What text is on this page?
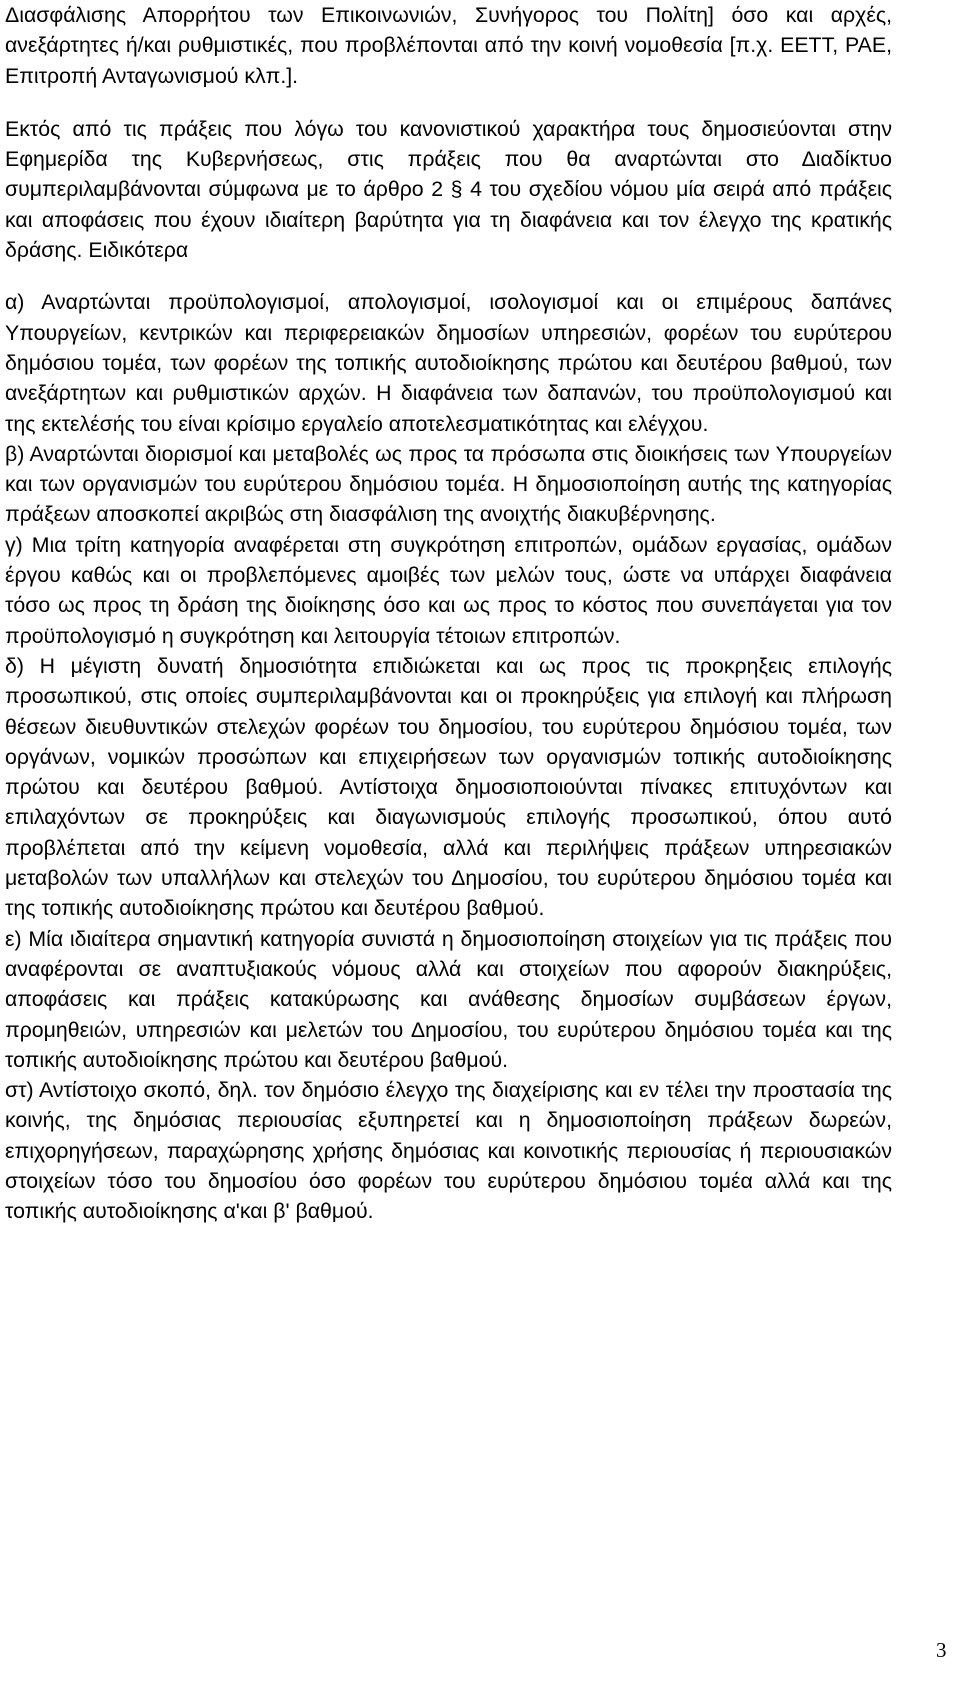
Διασφάλισης Απορρήτου των Επικοινωνιών, Συνήγορος του Πολίτη] όσο και αρχές, ανεξάρτητες ή/και ρυθμιστικές, που προβλέπονται από την κοινή νομοθεσία [π.χ. ΕΕΤΤ, ΡΑΕ, Επιτροπή Ανταγωνισμού κλπ.].

Εκτός από τις πράξεις που λόγω του κανονιστικού χαρακτήρα τους δημοσιεύονται στην Εφημερίδα της Κυβερνήσεως, στις πράξεις που θα αναρτώνται στο Διαδίκτυο συμπεριλαμβάνονται σύμφωνα με το άρθρο 2 § 4 του σχεδίου νόμου μία σειρά από πράξεις και αποφάσεις που έχουν ιδιαίτερη βαρύτητα για τη διαφάνεια και τον έλεγχο της κρατικής δράσης. Ειδικότερα

α) Αναρτώνται προϋπολογισμοί, απολογισμοί, ισολογισμοί και οι επιμέρους δαπάνες Υπουργείων, κεντρικών και περιφερειακών δημοσίων υπηρεσιών, φορέων του ευρύτερου δημόσιου τομέα, των φορέων της τοπικής αυτοδιοίκησης πρώτου και δευτέρου βαθμού, των ανεξάρτητων και ρυθμιστικών αρχών. Η διαφάνεια των δαπανών, του προϋπολογισμού και της εκτελέσής του είναι κρίσιμο εργαλείο αποτελεσματικότητας και ελέγχου.

β) Αναρτώνται διορισμοί και μεταβολές ως προς τα πρόσωπα στις διοικήσεις των Υπουργείων και των οργανισμών του ευρύτερου δημόσιου τομέα. Η δημοσιοποίηση αυτής της κατηγορίας πράξεων αποσκοπεί ακριβώς στη διασφάλιση της ανοιχτής διακυβέρνησης.

γ) Μια τρίτη κατηγορία αναφέρεται στη συγκρότηση επιτροπών, ομάδων εργασίας, ομάδων έργου καθώς και οι προβλεπόμενες αμοιβές των μελών τους, ώστε να υπάρχει διαφάνεια τόσο ως προς τη δράση της διοίκησης όσο και ως προς το κόστος που συνεπάγεται για τον προϋπολογισμό η συγκρότηση και λειτουργία τέτοιων επιτροπών.

δ) Η μέγιστη δυνατή δημοσιότητα επιδιώκεται και ως προς τις προκρηξεις επιλογής προσωπικού, στις οποίες συμπεριλαμβάνονται και οι προκηρύξεις για επιλογή και πλήρωση θέσεων διευθυντικών στελεχών φορέων του δημοσίου, του ευρύτερου δημόσιου τομέα, των οργάνων, νομικών προσώπων και επιχειρήσεων των οργανισμών τοπικής αυτοδιοίκησης πρώτου και δευτέρου βαθμού. Αντίστοιχα δημοσιοποιούνται πίνακες επιτυχόντων και επιλαχόντων σε προκηρύξεις και διαγωνισμούς επιλογής προσωπικού, όπου αυτό προβλέπεται από την κείμενη νομοθεσία, αλλά και περιλήψεις πράξεων υπηρεσιακών μεταβολών των υπαλλήλων και στελεχών του Δημοσίου, του ευρύτερου δημόσιου τομέα και της τοπικής αυτοδιοίκησης πρώτου και δευτέρου βαθμού.

ε) Μία ιδιαίτερα σημαντική κατηγορία συνιστά η δημοσιοποίηση στοιχείων για τις πράξεις που αναφέρονται σε αναπτυξιακούς νόμους αλλά και στοιχείων που αφορούν διακηρύξεις, αποφάσεις και πράξεις κατακύρωσης και ανάθεσης δημοσίων συμβάσεων έργων, προμηθειών, υπηρεσιών και μελετών του Δημοσίου, του ευρύτερου δημόσιου τομέα και της τοπικής αυτοδιοίκησης πρώτου και δευτέρου βαθμού.

στ) Αντίστοιχο σκοπό, δηλ. τον δημόσιο έλεγχο της διαχείρισης και εν τέλει την προστασία της κοινής, της δημόσιας περιουσίας εξυπηρετεί και η δημοσιοποίηση πράξεων δωρεών, επιχορηγήσεων, παραχώρησης χρήσης δημόσιας και κοινοτικής περιουσίας ή περιουσιακών στοιχείων τόσο του δημοσίου όσο φορέων του ευρύτερου δημόσιου τομέα αλλά και της τοπικής αυτοδιοίκησης α'και β' βαθμού.

3
